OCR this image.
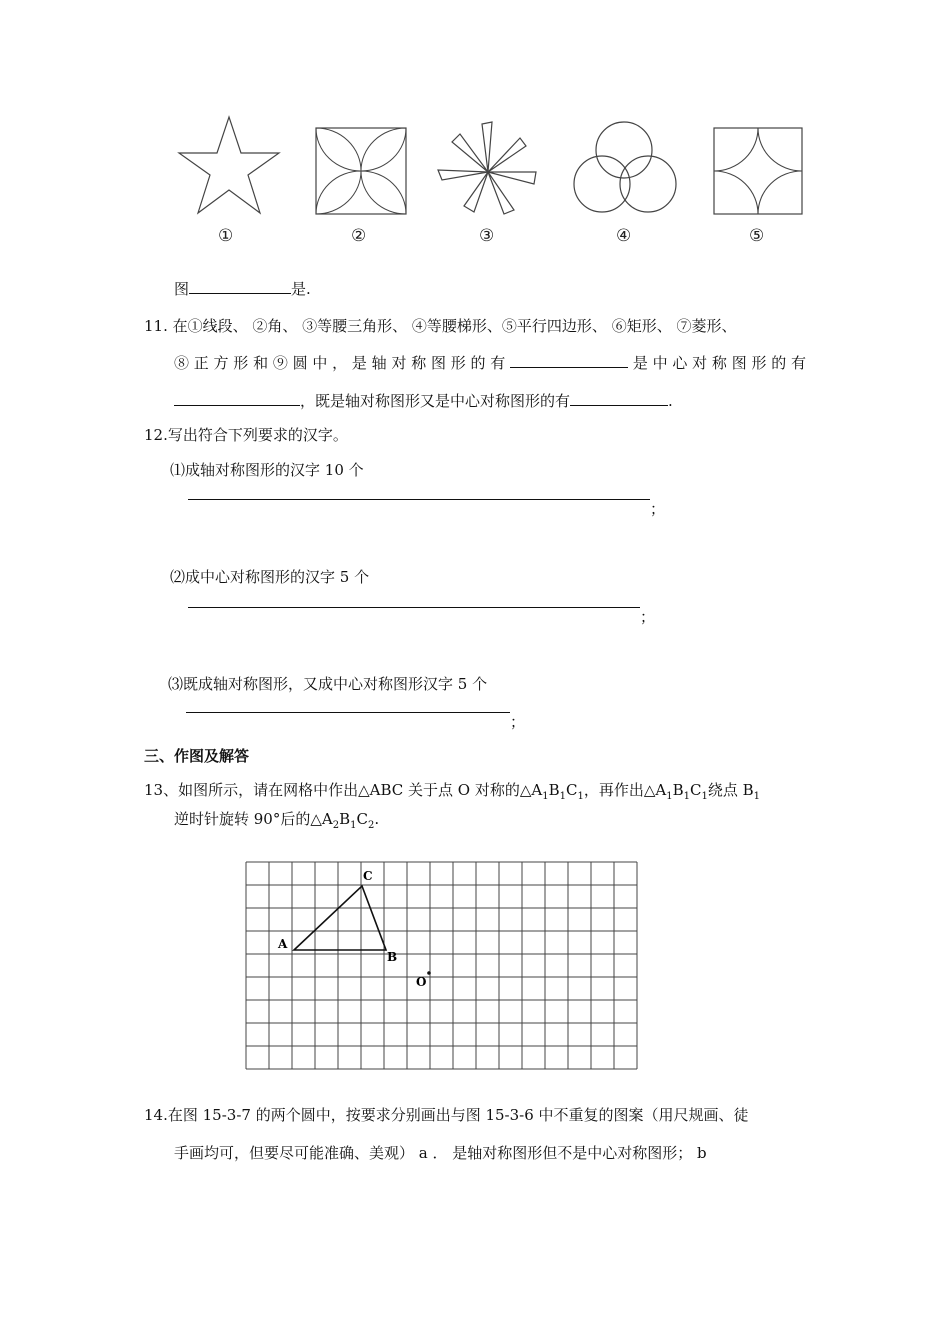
①	②	③	④	⑤
图	是.
11. 在①线段、 ②角、 ③等腰三角形、 ④等腰梯形、⑤平行四边形、 ⑥矩形、 ⑦菱形、
⑧ 正 方 形 和 ⑨ 圆 中 ， 是 轴 对 称 图 形 的 有	是 中 心 对 称 图 形 的 有
，既是轴对称图形又是中心对称图形的有	.
12.写出符合下列要求的汉字。
⑴成轴对称图形的汉字 10 个
；
⑵成中心对称图形的汉字 5 个
；
⑶既成轴对称图形，又成中心对称图形汉字 5 个
；
三、作图及解答
13、如图所示，请在网格中作出△ABC 关于点 O 对称的$\triangle A_1B_1C_1$，再作出$\triangle A_1B_1C_1$绕点 $B_1$
逆时针旋转 90°后的$\triangle A_2B_1C_2$.
C
A
B
O
14.在图 15-3-7 的两个圆中，按要求分别画出与图 15-3-6 中不重复的图案（用尺规画、徒
手画均可，但要尽可能准确、美观） a ． 是轴对称图形但不是中心对称图形； b
